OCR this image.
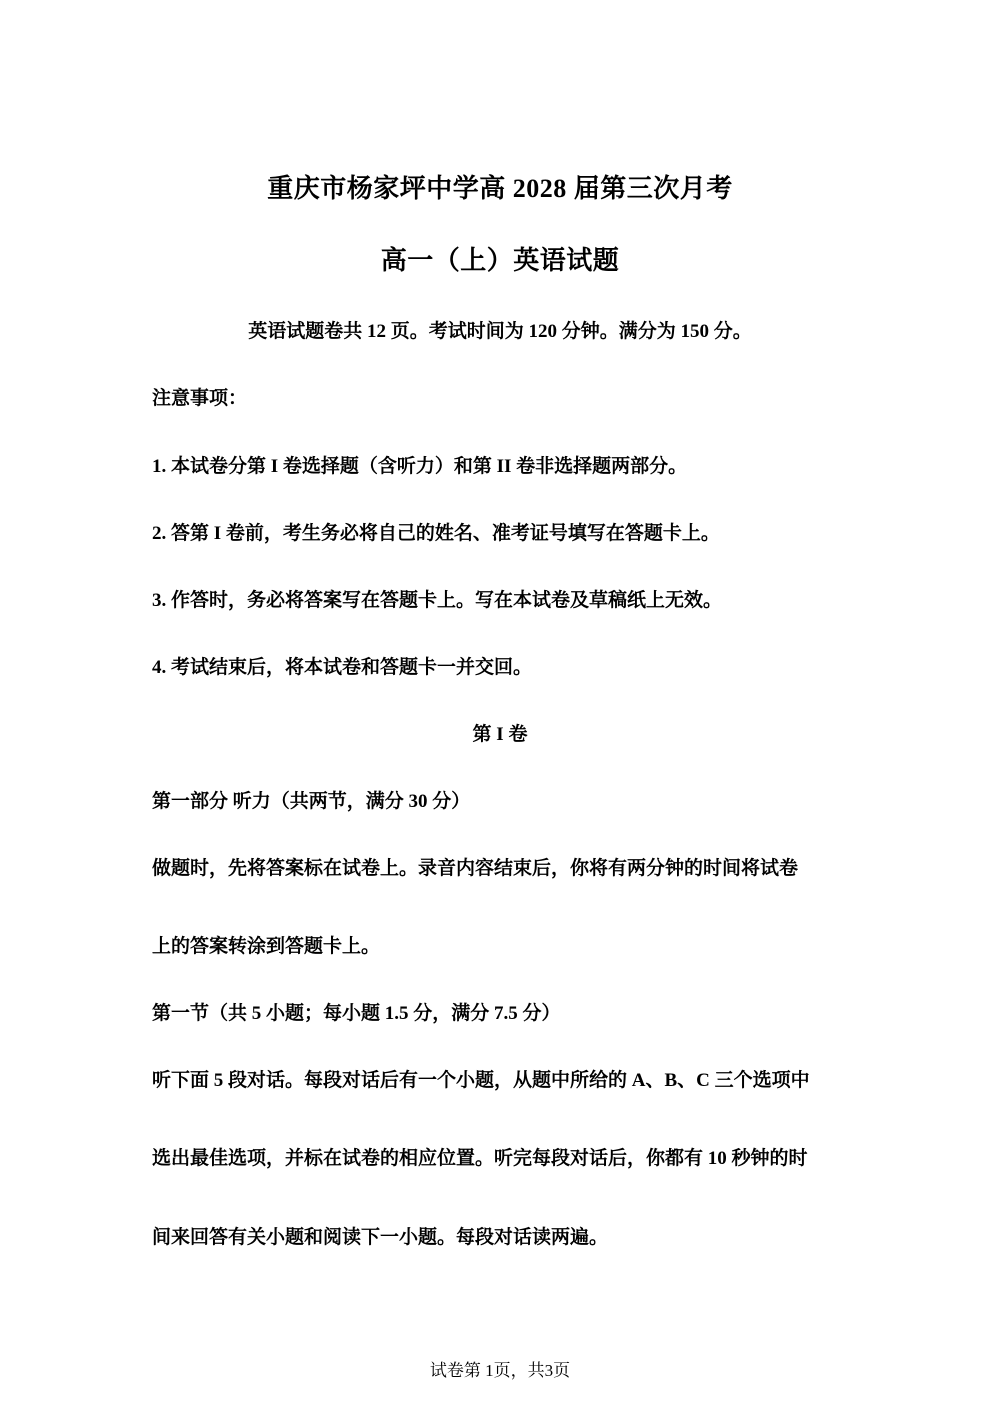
重庆市杨家坪中学高 2028 届第三次月考
高一（上）英语试题
英语试题卷共 12 页。考试时间为 120 分钟。满分为 150 分。
注意事项：
1. 本试卷分第 I 卷选择题（含听力）和第 II 卷非选择题两部分。
2. 答第 I 卷前，考生务必将自己的姓名、准考证号填写在答题卡上。
3. 作答时，务必将答案写在答题卡上。写在本试卷及草稿纸上无效。
4. 考试结束后，将本试卷和答题卡一并交回。
第 I 卷
第一部分 听力（共两节，满分 30 分）
做题时，先将答案标在试卷上。录音内容结束后，你将有两分钟的时间将试卷
上的答案转涂到答题卡上。
第一节（共 5 小题；每小题 1.5 分，满分 7.5 分）
听下面 5 段对话。每段对话后有一个小题，从题中所给的 A、B、C 三个选项中
选出最佳选项，并标在试卷的相应位置。听完每段对话后，你都有 10 秒钟的时
间来回答有关小题和阅读下一小题。每段对话读两遍。
试卷第 1页，共3页
